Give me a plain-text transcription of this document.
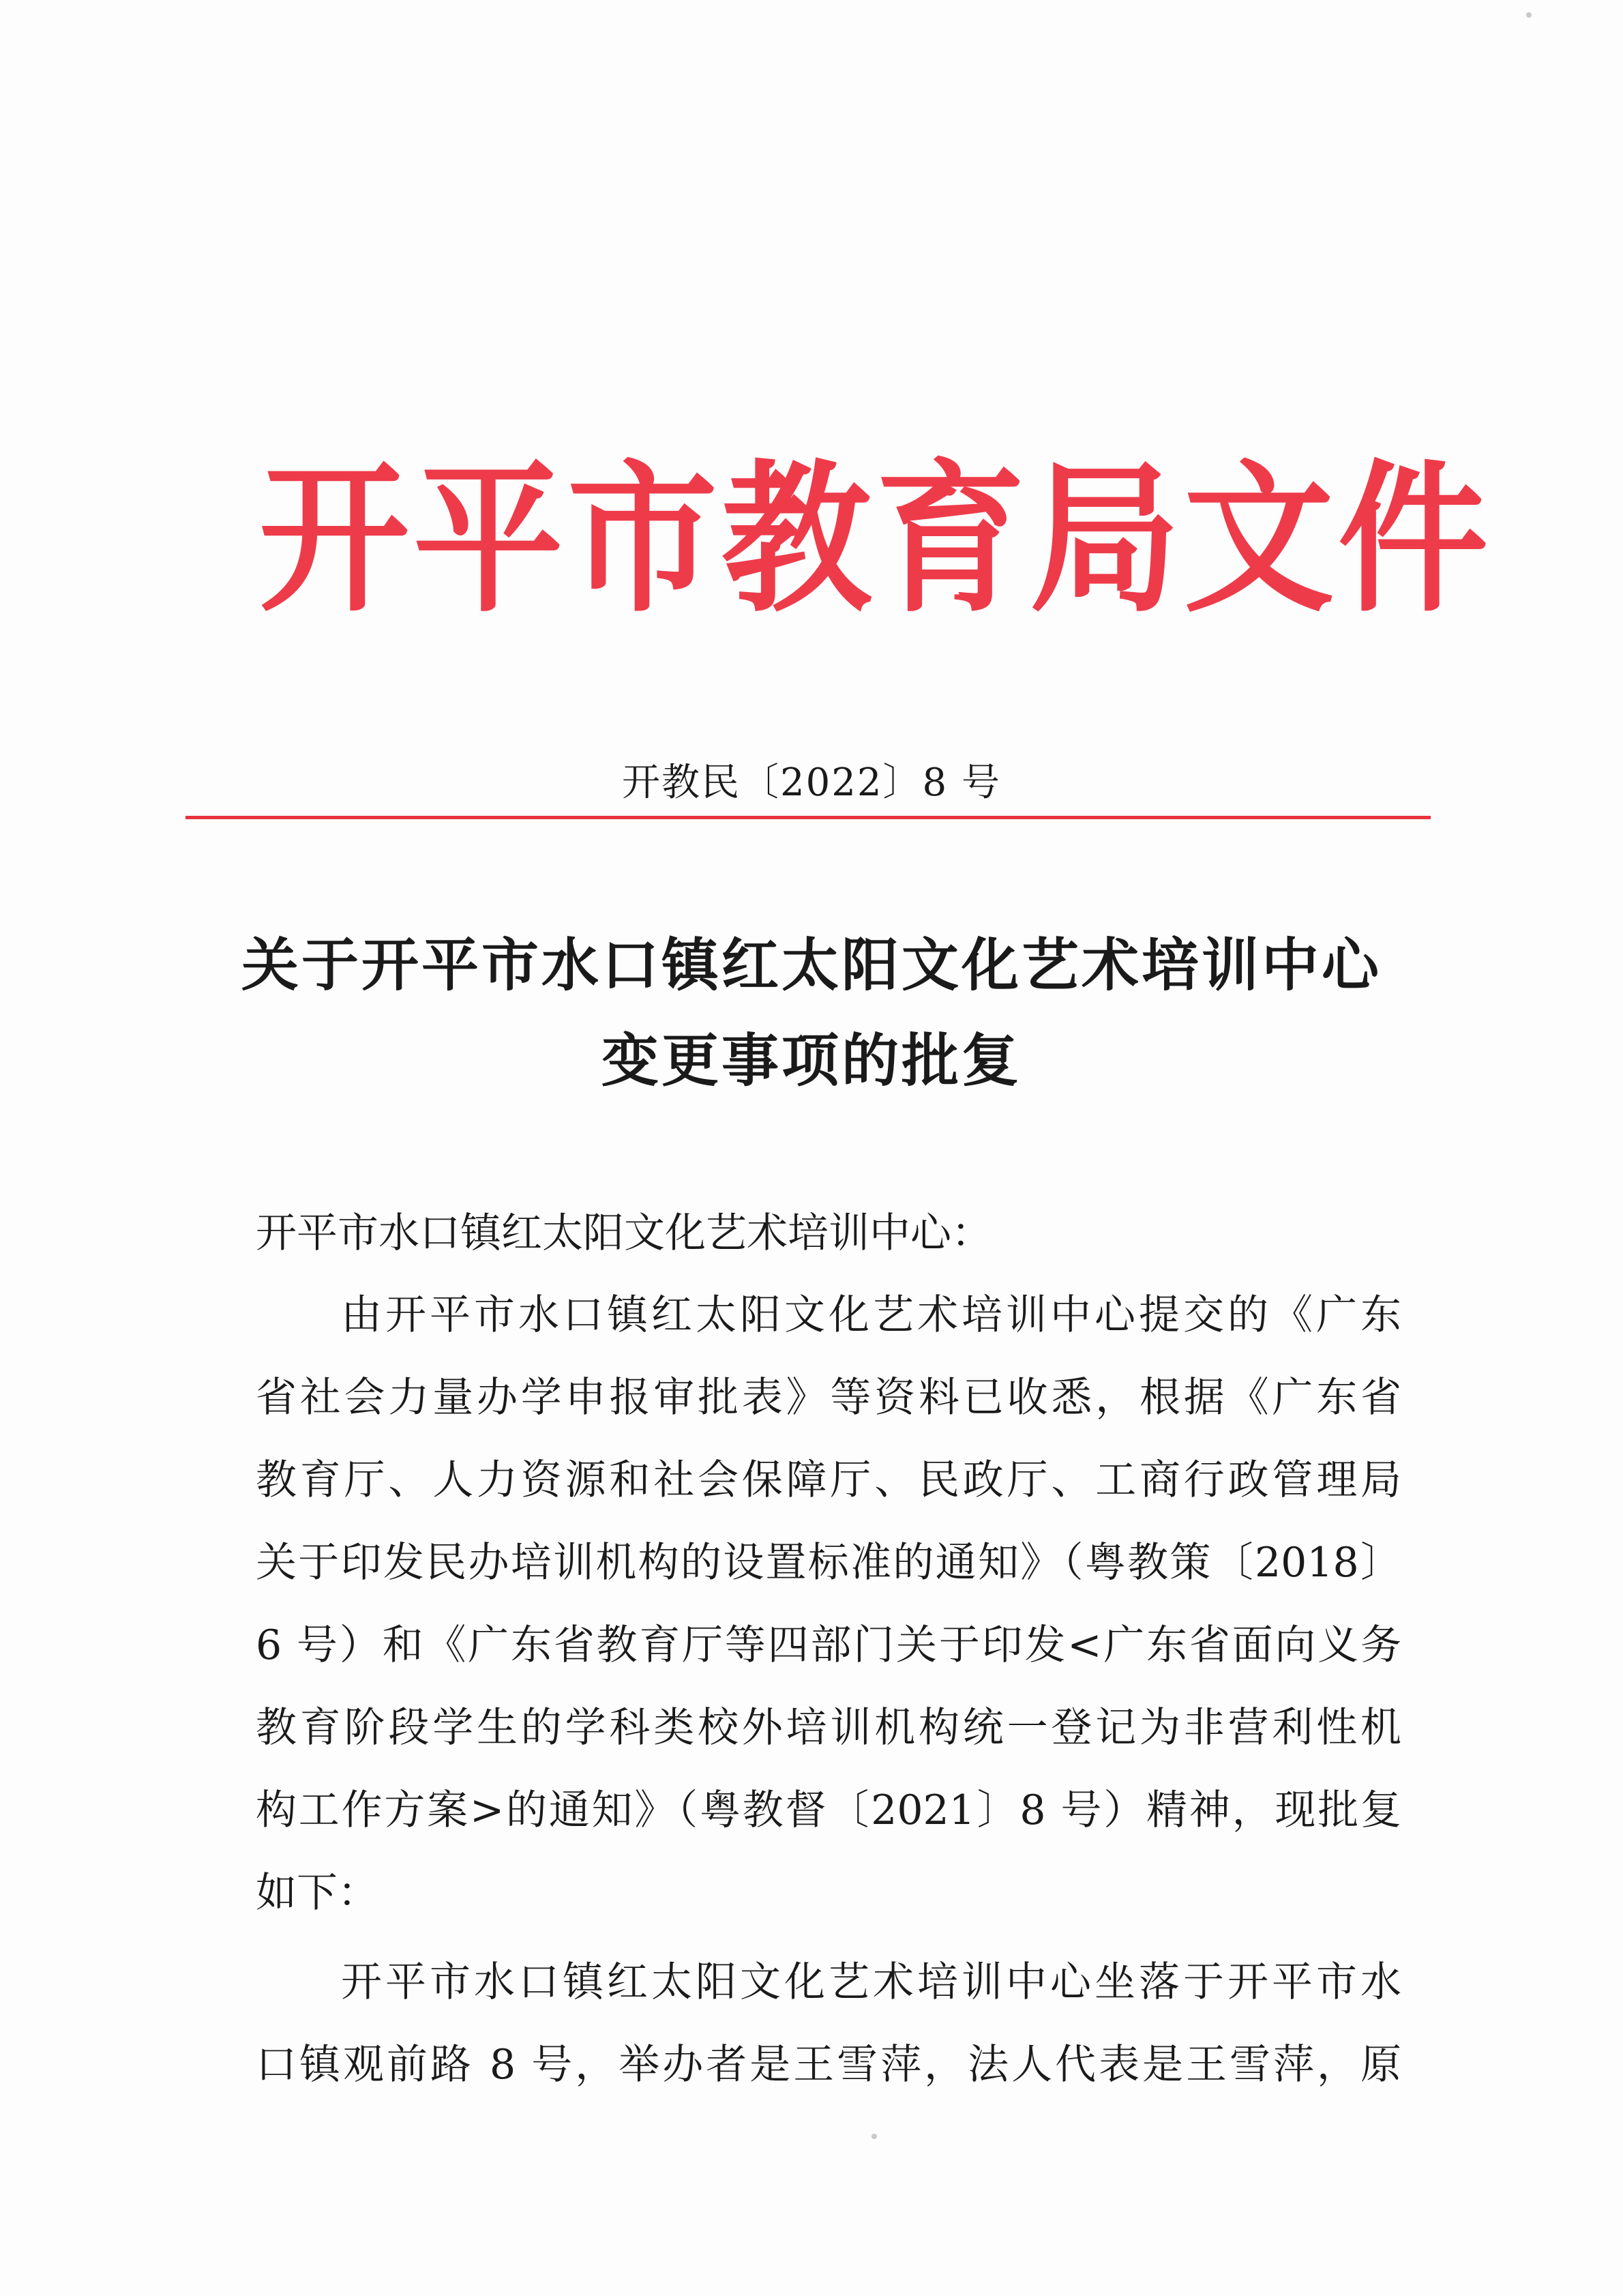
开平市教育局文件
开教民〔2022〕8 号
关于开平市水口镇红太阳文化艺术培训中心
变更事项的批复
开平市水口镇红太阳文化艺术培训中心：
由开平市水口镇红太阳文化艺术培训中心提交的《广东
省社会力量办学申报审批表》等资料已收悉，根据《广东省
教育厅、人力资源和社会保障厅、民政厅、工商行政管理局
关于印发民办培训机构的设置标准的通知》（粤教策〔2018〕
6 号）和《广东省教育厅等四部门关于印发<广东省面向义务
教育阶段学生的学科类校外培训机构统一登记为非营利性机
构工作方案>的通知》（粤教督〔2021〕8 号）精神，现批复
如下：
开平市水口镇红太阳文化艺术培训中心坐落于开平市水
口镇观前路 8 号，举办者是王雪萍，法人代表是王雪萍，原
